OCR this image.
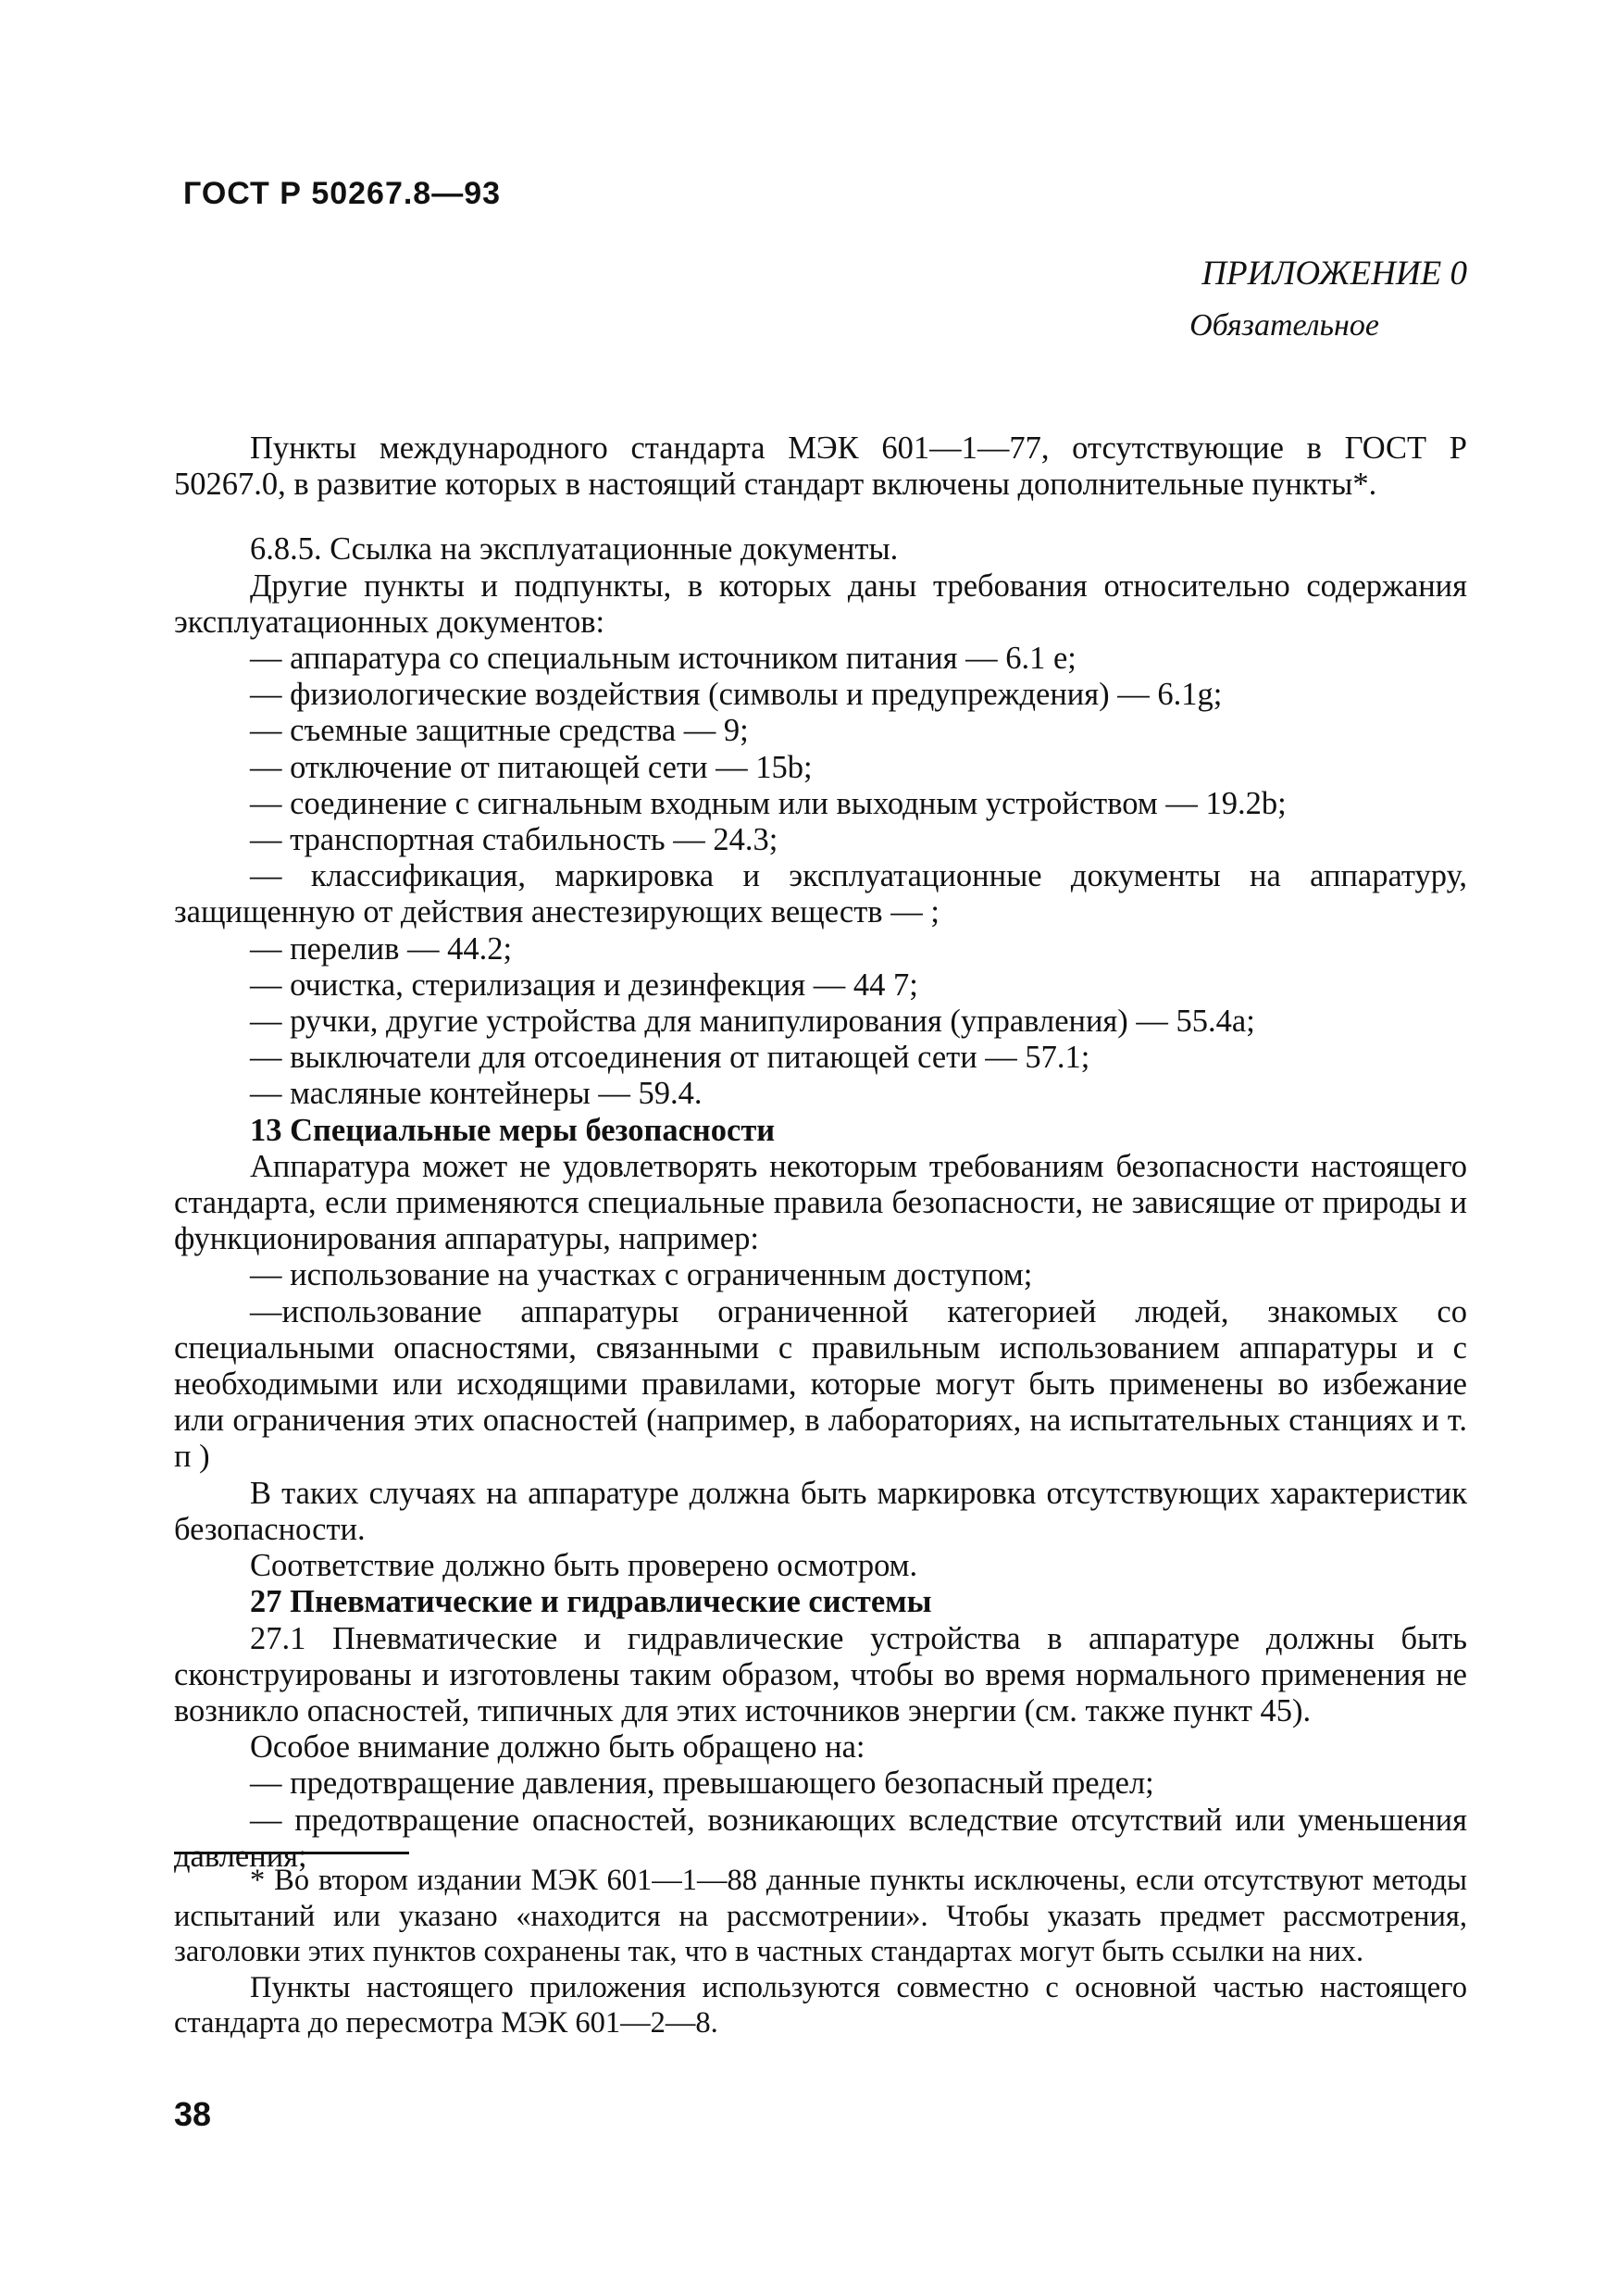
ГОСТ Р 50267.8—93
ПРИЛОЖЕНИЕ 0
Обязательное

Пункты международного стандарта МЭК 601—1—77, отсутствующие в ГОСТ Р 50267.0, в развитие которых в настоящий стандарт включены дополнительные пункты*.

6.8.5. Ссылка на эксплуатационные документы.

Другие пункты и подпункты, в которых даны требования относительно содержания эксплуатационных документов:

— аппаратура со специальным источником питания — 6.1 е;

— физиологические воздействия (символы и предупреждения) — 6.1g;

— съемные защитные средства — 9;

— отключение от питающей сети — 15b;

— соединение с сигнальным входным или выходным устройством — 19.2b;

— транспортная стабильность — 24.3;

— классификация, маркировка и эксплуатационные документы на аппаратуру, защищенную от действия анестезирующих веществ — ;

— перелив — 44.2;

— очистка, стерилизация и дезинфекция — 44 7;

— ручки, другие устройства для манипулирования (управления) — 55.4а;

— выключатели для отсоединения от питающей сети — 57.1;

— масляные контейнеры — 59.4.

13 Специальные меры безопасности

Аппаратура может не удовлетворять некоторым требованиям безопасности настоящего стандарта, если применяются специальные правила безопасности, не зависящие от природы и функционирования аппаратуры, например:

— использование на участках с ограниченным доступом;

—использование аппаратуры ограниченной категорией людей, знакомых со специальными опасностями, связанными с правильным использованием аппаратуры и с необходимыми или исходящими правилами, которые могут быть применены во избежание или ограничения этих опасностей (например, в лабораториях, на испытательных станциях и т. п )

В таких случаях на аппаратуре должна быть маркировка отсутствующих характеристик безопасности.

Соответствие должно быть проверено осмотром.

27 Пневматические и гидравлические системы

27.1 Пневматические и гидравлические устройства в аппаратуре должны быть сконструированы и изготовлены таким образом, чтобы во время нормального применения не возникло опасностей, типичных для этих источников энергии (см. также пункт 45).

Особое внимание должно быть обращено на:

— предотвращение давления, превышающего безопасный предел;

— предотвращение опасностей, возникающих вследствие отсутствий или уменьшения давления;

* Во втором издании МЭК 601—1—88 данные пункты исключены, если отсутствуют методы испытаний или указано «находится на рассмотрении». Чтобы указать предмет рассмотрения, заголовки этих пунктов сохранены так, что в частных стандартах могут быть ссылки на них.

Пункты настоящего приложения используются совместно с основной частью настоящего стандарта до пересмотра МЭК 601—2—8.

38
